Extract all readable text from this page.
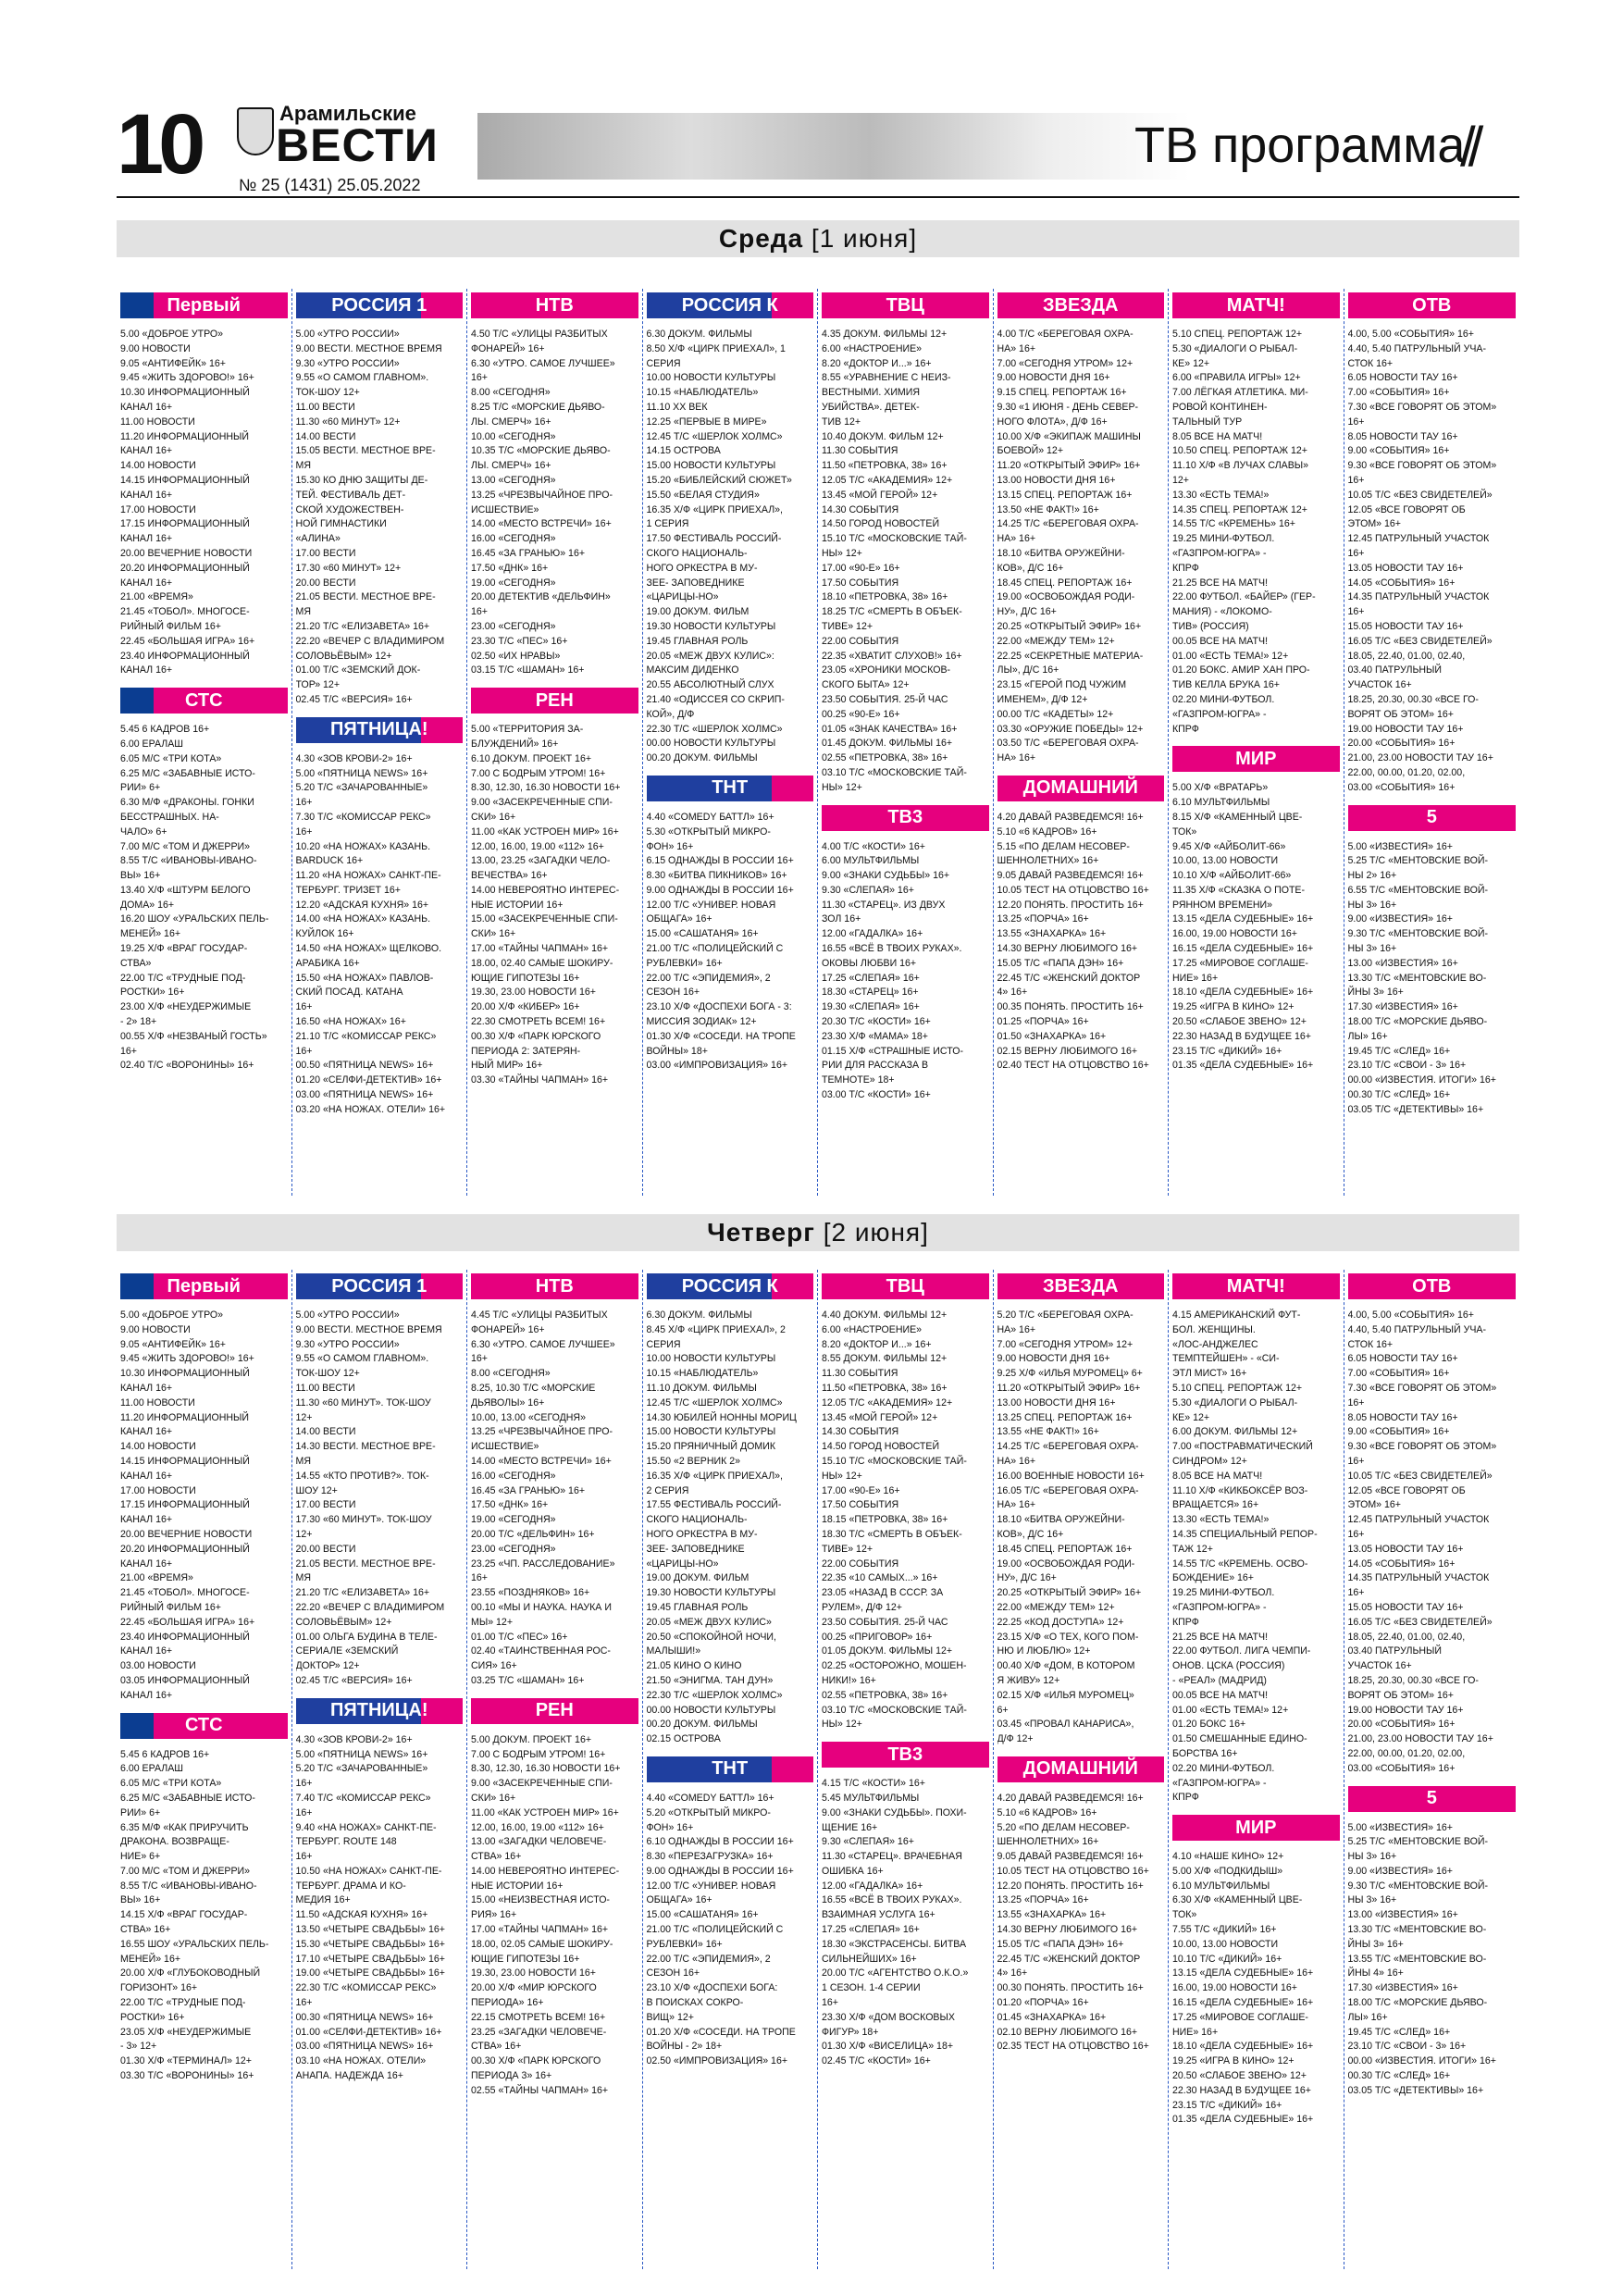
10	Арамильские
ВЕСТИ
№ 25 (1431) 25.05.2022
ТВ программа
//
Среда [1 июня]
Первый
5.00 «ДОБРОЕ УТРО»
9.00 НОВОСТИ
9.05 «АНТИФЕЙК» 16+
9.45 «ЖИТЬ ЗДОРОВО!» 16+
10.30 ИНФОРМАЦИОННЫЙ
КАНАЛ 16+
11.00 НОВОСТИ
11.20 ИНФОРМАЦИОННЫЙ
КАНАЛ 16+
14.00 НОВОСТИ
14.15 ИНФОРМАЦИОННЫЙ
КАНАЛ 16+
17.00 НОВОСТИ
17.15 ИНФОРМАЦИОННЫЙ
КАНАЛ 16+
20.00 ВЕЧЕРНИЕ НОВОСТИ
20.20 ИНФОРМАЦИОННЫЙ
КАНАЛ 16+
21.00 «ВРЕМЯ»
21.45 «ТОБОЛ». МНОГОСЕ-
РИЙНЫЙ ФИЛЬМ 16+
22.45 «БОЛЬШАЯ ИГРА» 16+
23.40 ИНФОРМАЦИОННЫЙ
КАНАЛ 16+
СТС
5.45 6 КАДРОВ 16+
6.00 ЕРАЛАШ
6.05 М/С «ТРИ КОТА»
6.25 М/С «ЗАБАВНЫЕ ИСТО-
РИИ» 6+
6.30 М/Ф «ДРАКОНЫ. ГОНКИ
БЕССТРАШНЫХ. НА-
ЧАЛО» 6+
7.00 М/С «ТОМ И ДЖЕРРИ»
8.55 Т/С «ИВАНОВЫ-ИВАНО-
ВЫ» 16+
13.40 Х/Ф «ШТУРМ БЕЛОГО
ДОМА» 16+
16.20 ШОУ «УРАЛЬСКИХ ПЕЛЬ-
МЕНЕЙ» 16+
19.25 Х/Ф «ВРАГ ГОСУДАР-
СТВА»
22.00 Т/С «ТРУДНЫЕ ПОД-
РОСТКИ» 16+
23.00 Х/Ф «НЕУДЕРЖИМЫЕ
- 2» 18+
00.55 Х/Ф «НЕЗВАНЫЙ ГОСТЬ»
16+
02.40 Т/С «ВОРОНИНЫ» 16+
РОССИЯ 1
5.00 «УТРО РОССИИ»
9.00 ВЕСТИ. МЕСТНОЕ ВРЕМЯ
9.30 «УТРО РОССИИ»
9.55 «О САМОМ ГЛАВНОМ».
ТОК-ШОУ 12+
11.00 ВЕСТИ
11.30 «60 МИНУТ» 12+
14.00 ВЕСТИ
15.05 ВЕСТИ. МЕСТНОЕ ВРЕ-
МЯ
15.30 КО ДНЮ ЗАЩИТЫ ДЕ-
ТЕЙ. ФЕСТИВАЛЬ ДЕТ-
СКОЙ ХУДОЖЕСТВЕН-
НОЙ ГИМНАСТИКИ
«АЛИНА»
17.00 ВЕСТИ
17.30 «60 МИНУТ» 12+
20.00 ВЕСТИ
21.05 ВЕСТИ. МЕСТНОЕ ВРЕ-
МЯ
21.20 Т/С «ЕЛИЗАВЕТА» 16+
22.20 «ВЕЧЕР С ВЛАДИМИРОМ
СОЛОВЬЁВЫМ» 12+
01.00 Т/С «ЗЕМСКИЙ ДОК-
ТОР» 12+
02.45 Т/С «ВЕРСИЯ» 16+
ПЯТНИЦА!
4.30 «ЗОВ КРОВИ-2» 16+
5.00 «ПЯТНИЦА NEWS» 16+
5.20 Т/С «ЗАЧАРОВАННЫЕ»
16+
7.30 Т/С «КОМИССАР РЕКС»
16+
10.20 «НА НОЖАХ» КАЗАНЬ.
BARDUCK 16+
11.20 «НА НОЖАХ» САНКТ-ПЕ-
ТЕРБУРГ. ТРИЗЕТ 16+
12.20 «АДСКАЯ КУХНЯ» 16+
14.00 «НА НОЖАХ» КАЗАНЬ.
КУЙЛОК 16+
14.50 «НА НОЖАХ» ЩЕЛКОВО.
АРАБИКА 16+
15.50 «НА НОЖАХ» ПАВЛОВ-
СКИЙ ПОСАД. КАТАНА
16+
16.50 «НА НОЖАХ» 16+
21.10 Т/С «КОМИССАР РЕКС»
16+
00.50 «ПЯТНИЦА NEWS» 16+
01.20 «СЕЛФИ-ДЕТЕКТИВ» 16+
03.00 «ПЯТНИЦА NEWS» 16+
03.20 «НА НОЖАХ. ОТЕЛИ» 16+
НТВ
4.50 Т/С «УЛИЦЫ РАЗБИТЫХ
ФОНАРЕЙ» 16+
6.30 «УТРО. САМОЕ ЛУЧШЕЕ»
16+
8.00 «СЕГОДНЯ»
8.25 Т/С «МОРСКИЕ ДЬЯВО-
ЛЫ. СМЕРЧ» 16+
10.00 «СЕГОДНЯ»
10.35 Т/С «МОРСКИЕ ДЬЯВО-
ЛЫ. СМЕРЧ» 16+
13.00 «СЕГОДНЯ»
13.25 «ЧРЕЗВЫЧАЙНОЕ ПРО-
ИСШЕСТВИЕ»
14.00 «МЕСТО ВСТРЕЧИ» 16+
16.00 «СЕГОДНЯ»
16.45 «ЗА ГРАНЬЮ» 16+
17.50 «ДНК» 16+
19.00 «СЕГОДНЯ»
20.00 ДЕТЕКТИВ «ДЕЛЬФИН»
16+
23.00 «СЕГОДНЯ»
23.30 Т/С «ПЕС» 16+
02.50 «ИХ НРАВЫ»
03.15 Т/С «ШАМАН» 16+
РЕН
5.00 «ТЕРРИТОРИЯ ЗА-
БЛУЖДЕНИЙ» 16+
6.10 ДОКУМ. ПРОЕКТ 16+
7.00 С БОДРЫМ УТРОМ! 16+
8.30, 12.30, 16.30 НОВОСТИ 16+
9.00 «ЗАСЕКРЕЧЕННЫЕ СПИ-
СКИ» 16+
11.00 «КАК УСТРОЕН МИР» 16+
12.00, 16.00, 19.00 «112» 16+
13.00, 23.25 «ЗАГАДКИ ЧЕЛО-
ВЕЧЕСТВА» 16+
14.00 НЕВЕРОЯТНО ИНТЕРЕС-
НЫЕ ИСТОРИИ 16+
15.00 «ЗАСЕКРЕЧЕННЫЕ СПИ-
СКИ» 16+
17.00 «ТАЙНЫ ЧАПМАН» 16+
18.00, 02.40 САМЫЕ ШОКИРУ-
ЮЩИЕ ГИПОТЕЗЫ 16+
19.30, 23.00 НОВОСТИ 16+
20.00 Х/Ф «КИБЕР» 16+
22.30 СМОТРЕТЬ ВСЕМ! 16+
00.30 Х/Ф «ПАРК ЮРСКОГО
ПЕРИОДА 2: ЗАТЕРЯН-
НЫЙ МИР» 16+
03.30 «ТАЙНЫ ЧАПМАН» 16+
РОССИЯ К
6.30 ДОКУМ. ФИЛЬМЫ
8.50 Х/Ф «ЦИРК ПРИЕХАЛ», 1
СЕРИЯ
10.00 НОВОСТИ КУЛЬТУРЫ
10.15 «НАБЛЮДАТЕЛЬ»
11.10 ХХ ВЕК
12.25 «ПЕРВЫЕ В МИРЕ»
12.45 Т/С «ШЕРЛОК ХОЛМС»
14.15 ОСТРОВА
15.00 НОВОСТИ КУЛЬТУРЫ
15.20 «БИБЛЕЙСКИЙ СЮЖЕТ»
15.50 «БЕЛАЯ СТУДИЯ»
16.35 Х/Ф «ЦИРК ПРИЕХАЛ»,
1 СЕРИЯ
17.50 ФЕСТИВАЛЬ РОССИЙ-
СКОГО НАЦИОНАЛЬ-
НОГО ОРКЕСТРА В МУ-
ЗЕЕ- ЗАПОВЕДНИКЕ
«ЦАРИЦЫ-НО»
19.00 ДОКУМ. ФИЛЬМ
19.30 НОВОСТИ КУЛЬТУРЫ
19.45 ГЛАВНАЯ РОЛЬ
20.05 «МЕЖ ДВУХ КУЛИС»:
МАКСИМ ДИДЕНКО
20.55 АБСОЛЮТНЫЙ СЛУХ
21.40 «ОДИССЕЯ СО СКРИП-
КОЙ», Д/Ф
22.30 Т/С «ШЕРЛОК ХОЛМС»
00.00 НОВОСТИ КУЛЬТУРЫ
00.20 ДОКУМ. ФИЛЬМЫ
ТНТ
4.40 «COMEDY БАТТЛ» 16+
5.30 «ОТКРЫТЫЙ МИКРО-
ФОН» 16+
6.15 ОДНАЖДЫ В РОССИИ 16+
8.30 «БИТВА ПИКНИКОВ» 16+
9.00 ОДНАЖДЫ В РОССИИ 16+
12.00 Т/С «УНИВЕР. НОВАЯ
ОБЩАГА» 16+
15.00 «САШАТАНЯ» 16+
21.00 Т/С «ПОЛИЦЕЙСКИЙ С
РУБЛЕВКИ» 16+
22.00 Т/С «ЭПИДЕМИЯ», 2
СЕЗОН 16+
23.10 Х/Ф «ДОСПЕХИ БОГА - 3:
МИССИЯ ЗОДИАК» 12+
01.30 Х/Ф «СОСЕДИ. НА ТРОПЕ
ВОЙНЫ» 18+
03.00 «ИМПРОВИЗАЦИЯ» 16+
ТВЦ
4.35 ДОКУМ. ФИЛЬМЫ 12+
6.00 «НАСТРОЕНИЕ»
8.20 «ДОКТОР И...» 16+
8.55 «УРАВНЕНИЕ С НЕИЗ-
ВЕСТНЫМИ. ХИМИЯ
УБИЙСТВА». ДЕТЕК-
ТИВ 12+
10.40 ДОКУМ. ФИЛЬМ 12+
11.30 СОБЫТИЯ
11.50 «ПЕТРОВКА, 38» 16+
12.05 Т/С «АКАДЕМИЯ» 12+
13.45 «МОЙ ГЕРОЙ» 12+
14.30 СОБЫТИЯ
14.50 ГОРОД НОВОСТЕЙ
15.10 Т/С «МОСКОВСКИЕ ТАЙ-
НЫ» 12+
17.00 «90-Е» 16+
17.50 СОБЫТИЯ
18.10 «ПЕТРОВКА, 38» 16+
18.25 Т/С «СМЕРТЬ В ОБЪЕК-
ТИВЕ» 12+
22.00 СОБЫТИЯ
22.35 «ХВАТИТ СЛУХОВ!» 16+
23.05 «ХРОНИКИ МОСКОВ-
СКОГО БЫТА» 12+
23.50 СОБЫТИЯ. 25-Й ЧАС
00.25 «90-Е» 16+
01.05 «ЗНАК КАЧЕСТВА» 16+
01.45 ДОКУМ. ФИЛЬМЫ 16+
02.55 «ПЕТРОВКА, 38» 16+
03.10 Т/С «МОСКОВСКИЕ ТАЙ-
НЫ» 12+
ТВ3
4.00 Т/С «КОСТИ» 16+
6.00 МУЛЬТФИЛЬМЫ
9.00 «ЗНАКИ СУДЬБЫ» 16+
9.30 «СЛЕПАЯ» 16+
11.30 «СТАРЕЦ». ИЗ ДВУХ
ЗОЛ 16+
12.00 «ГАДАЛКА» 16+
16.55 «ВСЁ В ТВОИХ РУКАХ».
ОКОВЫ ЛЮБВИ 16+
17.25 «СЛЕПАЯ» 16+
18.30 «СТАРЕЦ» 16+
19.30 «СЛЕПАЯ» 16+
20.30 Т/С «КОСТИ» 16+
23.30 Х/Ф «МАМА» 18+
01.15 Х/Ф «СТРАШНЫЕ ИСТО-
РИИ ДЛЯ РАССКАЗА В
ТЕМНОТЕ» 18+
03.00 Т/С «КОСТИ» 16+
ЗВЕЗДА
4.00 Т/С «БЕРЕГОВАЯ ОХРА-
НА» 16+
7.00 «СЕГОДНЯ УТРОМ» 12+
9.00 НОВОСТИ ДНЯ 16+
9.15 СПЕЦ. РЕПОРТАЖ 16+
9.30 «1 ИЮНЯ - ДЕНЬ СЕВЕР-
НОГО ФЛОТА», Д/Ф 16+
10.00 Х/Ф «ЭКИПАЖ МАШИНЫ
БОЕВОЙ» 12+
11.20 «ОТКРЫТЫЙ ЭФИР» 16+
13.00 НОВОСТИ ДНЯ 16+
13.15 СПЕЦ. РЕПОРТАЖ 16+
13.50 «НЕ ФАКТ!» 16+
14.25 Т/С «БЕРЕГОВАЯ ОХРА-
НА» 16+
18.10 «БИТВА ОРУЖЕЙНИ-
КОВ», Д/С 16+
18.45 СПЕЦ. РЕПОРТАЖ 16+
19.00 «ОСВОБОЖДАЯ РОДИ-
НУ», Д/С 16+
20.25 «ОТКРЫТЫЙ ЭФИР» 16+
22.00 «МЕЖДУ ТЕМ» 12+
22.25 «СЕКРЕТНЫЕ МАТЕРИА-
ЛЫ», Д/С 16+
23.15 «ГЕРОЙ ПОД ЧУЖИМ
ИМЕНЕМ», Д/Ф 12+
00.00 Т/С «КАДЕТЫ» 12+
03.30 «ОРУЖИЕ ПОБЕДЫ» 12+
03.50 Т/С «БЕРЕГОВАЯ ОХРА-
НА» 16+
ДОМАШНИЙ
4.20 ДАВАЙ РАЗВЕДЕМСЯ! 16+
5.10 «6 КАДРОВ» 16+
5.15 «ПО ДЕЛАМ НЕСОВЕР-
ШЕННОЛЕТНИХ» 16+
9.05 ДАВАЙ РАЗВЕДЕМСЯ! 16+
10.05 ТЕСТ НА ОТЦОВСТВО 16+
12.20 ПОНЯТЬ. ПРОСТИТЬ 16+
13.25 «ПОРЧА» 16+
13.55 «ЗНАХАРКА» 16+
14.30 ВЕРНУ ЛЮБИМОГО 16+
15.05 Т/С «ПАПА ДЭН» 16+
22.45 Т/С «ЖЕНСКИЙ ДОКТОР
4» 16+
00.35 ПОНЯТЬ. ПРОСТИТЬ 16+
01.25 «ПОРЧА» 16+
01.50 «ЗНАХАРКА» 16+
02.15 ВЕРНУ ЛЮБИМОГО 16+
02.40 ТЕСТ НА ОТЦОВСТВО 16+
МАТЧ!
5.10 СПЕЦ. РЕПОРТАЖ 12+
5.30 «ДИАЛОГИ О РЫБАЛ-
КЕ» 12+
6.00 «ПРАВИЛА ИГРЫ» 12+
7.00 ЛЁГКАЯ АТЛЕТИКА. МИ-
РОВОЙ КОНТИНЕН-
ТАЛЬНЫЙ ТУР
8.05 ВСЕ НА МАТЧ!
10.50 СПЕЦ. РЕПОРТАЖ 12+
11.10 Х/Ф «В ЛУЧАХ СЛАВЫ»
12+
13.30 «ЕСТЬ ТЕМА!»
14.35 СПЕЦ. РЕПОРТАЖ 12+
14.55 Т/С «КРЕМЕНЬ» 16+
19.25 МИНИ-ФУТБОЛ.
«ГАЗПРОМ-ЮГРА» -
КПРФ
21.25 ВСЕ НА МАТЧ!
22.00 ФУТБОЛ. «БАЙЕР» (ГЕР-
МАНИЯ) - «ЛОКОМО-
ТИВ» (РОССИЯ)
00.05 ВСЕ НА МАТЧ!
01.00 «ЕСТЬ ТЕМА!» 12+
01.20 БОКС. АМИР ХАН ПРО-
ТИВ КЕЛЛА БРУКА 16+
02.20 МИНИ-ФУТБОЛ.
«ГАЗПРОМ-ЮГРА» -
КПРФ
МИР
5.00 Х/Ф «ВРАТАРЬ»
6.10 МУЛЬТФИЛЬМЫ
8.15 Х/Ф «КАМЕННЫЙ ЦВЕ-
ТОК»
9.45 Х/Ф «АЙБОЛИТ-66»
10.00, 13.00 НОВОСТИ
10.10 Х/Ф «АЙБОЛИТ-66»
11.35 Х/Ф «СКАЗКА О ПОТЕ-
РЯННОМ ВРЕМЕНИ»
13.15 «ДЕЛА СУДЕБНЫЕ» 16+
16.00, 19.00 НОВОСТИ 16+
16.15 «ДЕЛА СУДЕБНЫЕ» 16+
17.25 «МИРОВОЕ СОГЛАШЕ-
НИЕ» 16+
18.10 «ДЕЛА СУДЕБНЫЕ» 16+
19.25 «ИГРА В КИНО» 12+
20.50 «СЛАБОЕ ЗВЕНО» 12+
22.30 НАЗАД В БУДУЩЕЕ 16+
23.15 Т/С «ДИКИЙ» 16+
01.35 «ДЕЛА СУДЕБНЫЕ» 16+
ОТВ
4.00, 5.00 «СОБЫТИЯ» 16+
4.40, 5.40 ПАТРУЛЬНЫЙ УЧА-
СТОК 16+
6.05 НОВОСТИ ТАУ 16+
7.00 «СОБЫТИЯ» 16+
7.30 «ВСЕ ГОВОРЯТ ОБ ЭТОМ»
16+
8.05 НОВОСТИ ТАУ 16+
9.00 «СОБЫТИЯ» 16+
9.30 «ВСЕ ГОВОРЯТ ОБ ЭТОМ»
16+
10.05 Т/С «БЕЗ СВИДЕТЕЛЕЙ»
12.05 «ВСЕ ГОВОРЯТ ОБ
ЭТОМ» 16+
12.45 ПАТРУЛЬНЫЙ УЧАСТОК
16+
13.05 НОВОСТИ ТАУ 16+
14.05 «СОБЫТИЯ» 16+
14.35 ПАТРУЛЬНЫЙ УЧАСТОК
16+
15.05 НОВОСТИ ТАУ 16+
16.05 Т/С «БЕЗ СВИДЕТЕЛЕЙ»
18.05, 22.40, 01.00, 02.40,
03.40 ПАТРУЛЬНЫЙ
УЧАСТОК 16+
18.25, 20.30, 00.30 «ВСЕ ГО-
ВОРЯТ ОБ ЭТОМ» 16+
19.00 НОВОСТИ ТАУ 16+
20.00 «СОБЫТИЯ» 16+
21.00, 23.00 НОВОСТИ ТАУ 16+
22.00, 00.00, 01.20, 02.00,
03.00 «СОБЫТИЯ» 16+
5
5.00 «ИЗВЕСТИЯ» 16+
5.25 Т/С «МЕНТОВСКИЕ ВОЙ-
НЫ 2» 16+
6.55 Т/С «МЕНТОВСКИЕ ВОЙ-
НЫ 3» 16+
9.00 «ИЗВЕСТИЯ» 16+
9.30 Т/С «МЕНТОВСКИЕ ВОЙ-
НЫ 3» 16+
13.00 «ИЗВЕСТИЯ» 16+
13.30 Т/С «МЕНТОВСКИЕ ВО-
ЙНЫ 3» 16+
17.30 «ИЗВЕСТИЯ» 16+
18.00 Т/С «МОРСКИЕ ДЬЯВО-
ЛЫ» 16+
19.45 Т/С «СЛЕД» 16+
23.10 Т/С «СВОИ - 3» 16+
00.00 «ИЗВЕСТИЯ. ИТОГИ» 16+
00.30 Т/С «СЛЕД» 16+
03.05 Т/С «ДЕТЕКТИВЫ» 16+
Четверг [2 июня]
Первый
5.00 «ДОБРОЕ УТРО»
9.00 НОВОСТИ
9.05 «АНТИФЕЙК» 16+
9.45 «ЖИТЬ ЗДОРОВО!» 16+
10.30 ИНФОРМАЦИОННЫЙ
КАНАЛ 16+
11.00 НОВОСТИ
11.20 ИНФОРМАЦИОННЫЙ
КАНАЛ 16+
14.00 НОВОСТИ
14.15 ИНФОРМАЦИОННЫЙ
КАНАЛ 16+
17.00 НОВОСТИ
17.15 ИНФОРМАЦИОННЫЙ
КАНАЛ 16+
20.00 ВЕЧЕРНИЕ НОВОСТИ
20.20 ИНФОРМАЦИОННЫЙ
КАНАЛ 16+
21.00 «ВРЕМЯ»
21.45 «ТОБОЛ». МНОГОСЕ-
РИЙНЫЙ ФИЛЬМ 16+
22.45 «БОЛЬШАЯ ИГРА» 16+
23.40 ИНФОРМАЦИОННЫЙ
КАНАЛ 16+
03.00 НОВОСТИ
03.05 ИНФОРМАЦИОННЫЙ
КАНАЛ 16+
СТС
5.45 6 КАДРОВ 16+
6.00 ЕРАЛАШ
6.05 М/С «ТРИ КОТА»
6.25 М/С «ЗАБАВНЫЕ ИСТО-
РИИ» 6+
6.35 М/Ф «КАК ПРИРУЧИТЬ
ДРАКОНА. ВОЗВРАЩЕ-
НИЕ» 6+
7.00 М/С «ТОМ И ДЖЕРРИ»
8.55 Т/С «ИВАНОВЫ-ИВАНО-
ВЫ» 16+
14.15 Х/Ф «ВРАГ ГОСУДАР-
СТВА» 16+
16.55 ШОУ «УРАЛЬСКИХ ПЕЛЬ-
МЕНЕЙ» 16+
20.00 Х/Ф «ГЛУБОКОВОДНЫЙ
ГОРИЗОНТ» 16+
22.00 Т/С «ТРУДНЫЕ ПОД-
РОСТКИ» 16+
23.05 Х/Ф «НЕУДЕРЖИМЫЕ
- 3» 12+
01.30 Х/Ф «ТЕРМИНАЛ» 12+
03.30 Т/С «ВОРОНИНЫ» 16+
РОССИЯ 1
5.00 «УТРО РОССИИ»
9.00 ВЕСТИ. МЕСТНОЕ ВРЕМЯ
9.30 «УТРО РОССИИ»
9.55 «О САМОМ ГЛАВНОМ».
ТОК-ШОУ 12+
11.00 ВЕСТИ
11.30 «60 МИНУТ». ТОК-ШОУ
12+
14.00 ВЕСТИ
14.30 ВЕСТИ. МЕСТНОЕ ВРЕ-
МЯ
14.55 «КТО ПРОТИВ?». ТОК-
ШОУ 12+
17.00 ВЕСТИ
17.30 «60 МИНУТ». ТОК-ШОУ
12+
20.00 ВЕСТИ
21.05 ВЕСТИ. МЕСТНОЕ ВРЕ-
МЯ
21.20 Т/С «ЕЛИЗАВЕТА» 16+
22.20 «ВЕЧЕР С ВЛАДИМИРОМ
СОЛОВЬЁВЫМ» 12+
01.00 ОЛЬГА БУДИНА В ТЕЛЕ-
СЕРИАЛЕ «ЗЕМСКИЙ
ДОКТОР» 12+
02.45 Т/С «ВЕРСИЯ» 16+
ПЯТНИЦА!
4.30 «ЗОВ КРОВИ-2» 16+
5.00 «ПЯТНИЦА NEWS» 16+
5.20 Т/С «ЗАЧАРОВАННЫЕ»
16+
7.40 Т/С «КОМИССАР РЕКС»
16+
9.40 «НА НОЖАХ» САНКТ-ПЕ-
ТЕРБУРГ. ROUTE 148
16+
10.50 «НА НОЖАХ» САНКТ-ПЕ-
ТЕРБУРГ. ДРАМА И КО-
МЕДИЯ 16+
11.50 «АДСКАЯ КУХНЯ» 16+
13.50 «ЧЕТЫРЕ СВАДЬБЫ» 16+
15.30 «ЧЕТЫРЕ СВАДЬБЫ» 16+
17.10 «ЧЕТЫРЕ СВАДЬБЫ» 16+
19.00 «ЧЕТЫРЕ СВАДЬБЫ» 16+
22.30 Т/С «КОМИССАР РЕКС»
16+
00.30 «ПЯТНИЦА NEWS» 16+
01.00 «СЕЛФИ-ДЕТЕКТИВ» 16+
03.00 «ПЯТНИЦА NEWS» 16+
03.10 «НА НОЖАХ. ОТЕЛИ»
АНАПА. НАДЕЖДА 16+
НТВ
4.45 Т/С «УЛИЦЫ РАЗБИТЫХ
ФОНАРЕЙ» 16+
6.30 «УТРО. САМОЕ ЛУЧШЕЕ»
16+
8.00 «СЕГОДНЯ»
8.25, 10.30 Т/С «МОРСКИЕ
ДЬЯВОЛЫ» 16+
10.00, 13.00 «СЕГОДНЯ»
13.25 «ЧРЕЗВЫЧАЙНОЕ ПРО-
ИСШЕСТВИЕ»
14.00 «МЕСТО ВСТРЕЧИ» 16+
16.00 «СЕГОДНЯ»
16.45 «ЗА ГРАНЬЮ» 16+
17.50 «ДНК» 16+
19.00 «СЕГОДНЯ»
20.00 Т/С «ДЕЛЬФИН» 16+
23.00 «СЕГОДНЯ»
23.25 «ЧП. РАССЛЕДОВАНИЕ»
16+
23.55 «ПОЗДНЯКОВ» 16+
00.10 «МЫ И НАУКА. НАУКА И
МЫ» 12+
01.00 Т/С «ПЕС» 16+
02.40 «ТАИНСТВЕННАЯ РОС-
СИЯ» 16+
03.25 Т/С «ШАМАН» 16+
РЕН
5.00 ДОКУМ. ПРОЕКТ 16+
7.00 С БОДРЫМ УТРОМ! 16+
8.30, 12.30, 16.30 НОВОСТИ 16+
9.00 «ЗАСЕКРЕЧЕННЫЕ СПИ-
СКИ» 16+
11.00 «КАК УСТРОЕН МИР» 16+
12.00, 16.00, 19.00 «112» 16+
13.00 «ЗАГАДКИ ЧЕЛОВЕЧЕ-
СТВА» 16+
14.00 НЕВЕРОЯТНО ИНТЕРЕС-
НЫЕ ИСТОРИИ 16+
15.00 «НЕИЗВЕСТНАЯ ИСТО-
РИЯ» 16+
17.00 «ТАЙНЫ ЧАПМАН» 16+
18.00, 02.05 САМЫЕ ШОКИРУ-
ЮЩИЕ ГИПОТЕЗЫ 16+
19.30, 23.00 НОВОСТИ 16+
20.00 Х/Ф «МИР ЮРСКОГО
ПЕРИОДА» 16+
22.15 СМОТРЕТЬ ВСЕМ! 16+
23.25 «ЗАГАДКИ ЧЕЛОВЕЧЕ-
СТВА» 16+
00.30 Х/Ф «ПАРК ЮРСКОГО
ПЕРИОДА 3» 16+
02.55 «ТАЙНЫ ЧАПМАН» 16+
РОССИЯ К
6.30 ДОКУМ. ФИЛЬМЫ
8.45 Х/Ф «ЦИРК ПРИЕХАЛ», 2
СЕРИЯ
10.00 НОВОСТИ КУЛЬТУРЫ
10.15 «НАБЛЮДАТЕЛЬ»
11.10 ДОКУМ. ФИЛЬМЫ
12.45 Т/С «ШЕРЛОК ХОЛМС»
14.30 ЮБИЛЕЙ НОННЫ МОРИЦ
15.00 НОВОСТИ КУЛЬТУРЫ
15.20 ПРЯНИЧНЫЙ ДОМИК
15.50 «2 ВЕРНИК 2»
16.35 Х/Ф «ЦИРК ПРИЕХАЛ»,
2 СЕРИЯ
17.55 ФЕСТИВАЛЬ РОССИЙ-
СКОГО НАЦИОНАЛЬ-
НОГО ОРКЕСТРА В МУ-
ЗЕЕ- ЗАПОВЕДНИКЕ
«ЦАРИЦЫ-НО»
19.00 ДОКУМ. ФИЛЬМ
19.30 НОВОСТИ КУЛЬТУРЫ
19.45 ГЛАВНАЯ РОЛЬ
20.05 «МЕЖ ДВУХ КУЛИС»
20.50 «СПОКОЙНОЙ НОЧИ,
МАЛЫШИ!»
21.05 КИНО О КИНО
21.50 «ЭНИГМА. ТАН ДУН»
22.30 Т/С «ШЕРЛОК ХОЛМС»
00.00 НОВОСТИ КУЛЬТУРЫ
00.20 ДОКУМ. ФИЛЬМЫ
02.15 ОСТРОВА
ТНТ
4.40 «COMEDY БАТТЛ» 16+
5.20 «ОТКРЫТЫЙ МИКРО-
ФОН» 16+
6.10 ОДНАЖДЫ В РОССИИ 16+
8.30 «ПЕРЕЗАГРУЗКА» 16+
9.00 ОДНАЖДЫ В РОССИИ 16+
12.00 Т/С «УНИВЕР. НОВАЯ
ОБЩАГА» 16+
15.00 «САШАТАНЯ» 16+
21.00 Т/С «ПОЛИЦЕЙСКИЙ С
РУБЛЕВКИ» 16+
22.00 Т/С «ЭПИДЕМИЯ», 2
СЕЗОН 16+
23.10 Х/Ф «ДОСПЕХИ БОГА:
В ПОИСКАХ СОКРО-
ВИЩ» 12+
01.20 Х/Ф «СОСЕДИ. НА ТРОПЕ
ВОЙНЫ - 2» 18+
02.50 «ИМПРОВИЗАЦИЯ» 16+
ТВЦ
4.40 ДОКУМ. ФИЛЬМЫ 12+
6.00 «НАСТРОЕНИЕ»
8.20 «ДОКТОР И...» 16+
8.55 ДОКУМ. ФИЛЬМЫ 12+
11.30 СОБЫТИЯ
11.50 «ПЕТРОВКА, 38» 16+
12.05 Т/С «АКАДЕМИЯ» 12+
13.45 «МОЙ ГЕРОЙ» 12+
14.30 СОБЫТИЯ
14.50 ГОРОД НОВОСТЕЙ
15.10 Т/С «МОСКОВСКИЕ ТАЙ-
НЫ» 12+
17.00 «90-Е» 16+
17.50 СОБЫТИЯ
18.15 «ПЕТРОВКА, 38» 16+
18.30 Т/С «СМЕРТЬ В ОБЪЕК-
ТИВЕ» 12+
22.00 СОБЫТИЯ
22.35 «10 САМЫХ...» 16+
23.05 «НАЗАД В СССР. ЗА
РУЛЕМ», Д/Ф 12+
23.50 СОБЫТИЯ. 25-Й ЧАС
00.25 «ПРИГОВОР» 16+
01.05 ДОКУМ. ФИЛЬМЫ 12+
02.25 «ОСТОРОЖНО, МОШЕН-
НИКИ!» 16+
02.55 «ПЕТРОВКА, 38» 16+
03.10 Т/С «МОСКОВСКИЕ ТАЙ-
НЫ» 12+
ТВ3
4.15 Т/С «КОСТИ» 16+
5.45 МУЛЬТФИЛЬМЫ
9.00 «ЗНАКИ СУДЬБЫ». ПОХИ-
ЩЕНИЕ 16+
9.30 «СЛЕПАЯ» 16+
11.30 «СТАРЕЦ». ВРАЧЕБНАЯ
ОШИБКА 16+
12.00 «ГАДАЛКА» 16+
16.55 «ВСЁ В ТВОИХ РУКАХ».
ВЗАИМНАЯ УСЛУГА 16+
17.25 «СЛЕПАЯ» 16+
18.30 «ЭКСТРАСЕНСЫ. БИТВА
СИЛЬНЕЙШИХ» 16+
20.00 Т/С «АГЕНТСТВО О.К.О.»
1 СЕЗОН. 1-4 СЕРИИ
16+
23.30 Х/Ф «ДОМ ВОСКОВЫХ
ФИГУР» 18+
01.30 Х/Ф «ВИСЕЛИЦА» 18+
02.45 Т/С «КОСТИ» 16+
ЗВЕЗДА
5.20 Т/С «БЕРЕГОВАЯ ОХРА-
НА» 16+
7.00 «СЕГОДНЯ УТРОМ» 12+
9.00 НОВОСТИ ДНЯ 16+
9.25 Х/Ф «ИЛЬЯ МУРОМЕЦ» 6+
11.20 «ОТКРЫТЫЙ ЭФИР» 16+
13.00 НОВОСТИ ДНЯ 16+
13.25 СПЕЦ. РЕПОРТАЖ 16+
13.55 «НЕ ФАКТ!» 16+
14.25 Т/С «БЕРЕГОВАЯ ОХРА-
НА» 16+
16.00 ВОЕННЫЕ НОВОСТИ 16+
16.05 Т/С «БЕРЕГОВАЯ ОХРА-
НА» 16+
18.10 «БИТВА ОРУЖЕЙНИ-
КОВ», Д/С 16+
18.45 СПЕЦ. РЕПОРТАЖ 16+
19.00 «ОСВОБОЖДАЯ РОДИ-
НУ», Д/С 16+
20.25 «ОТКРЫТЫЙ ЭФИР» 16+
22.00 «МЕЖДУ ТЕМ» 12+
22.25 «КОД ДОСТУПА» 12+
23.15 Х/Ф «О ТЕХ, КОГО ПОМ-
НЮ И ЛЮБЛЮ» 12+
00.40 Х/Ф «ДОМ, В КОТОРОМ
Я ЖИВУ» 12+
02.15 Х/Ф «ИЛЬЯ МУРОМЕЦ»
6+
03.45 «ПРОВАЛ КАНАРИСА»,
Д/Ф 12+
ДОМАШНИЙ
4.20 ДАВАЙ РАЗВЕДЕМСЯ! 16+
5.10 «6 КАДРОВ» 16+
5.20 «ПО ДЕЛАМ НЕСОВЕР-
ШЕННОЛЕТНИХ» 16+
9.05 ДАВАЙ РАЗВЕДЕМСЯ! 16+
10.05 ТЕСТ НА ОТЦОВСТВО 16+
12.20 ПОНЯТЬ. ПРОСТИТЬ 16+
13.25 «ПОРЧА» 16+
13.55 «ЗНАХАРКА» 16+
14.30 ВЕРНУ ЛЮБИМОГО 16+
15.05 Т/С «ПАПА ДЭН» 16+
22.45 Т/С «ЖЕНСКИЙ ДОКТОР
4» 16+
00.30 ПОНЯТЬ. ПРОСТИТЬ 16+
01.20 «ПОРЧА» 16+
01.45 «ЗНАХАРКА» 16+
02.10 ВЕРНУ ЛЮБИМОГО 16+
02.35 ТЕСТ НА ОТЦОВСТВО 16+
МАТЧ!
4.15 АМЕРИКАНСКИЙ ФУТ-
БОЛ. ЖЕНЩИНЫ.
«ЛОС-АНДЖЕЛЕС
ТЕМПТЕЙШЕН» - «СИ-
ЭТЛ МИСТ» 16+
5.10 СПЕЦ. РЕПОРТАЖ 12+
5.30 «ДИАЛОГИ О РЫБАЛ-
КЕ» 12+
6.00 ДОКУМ. ФИЛЬМЫ 12+
7.00 «ПОСТРАВМАТИЧЕСКИЙ
СИНДРОМ» 12+
8.05 ВСЕ НА МАТЧ!
11.10 Х/Ф «КИКБОКСЁР ВОЗ-
ВРАЩАЕТСЯ» 16+
13.30 «ЕСТЬ ТЕМА!»
14.35 СПЕЦИАЛЬНЫЙ РЕПОР-
ТАЖ 12+
14.55 Т/С «КРЕМЕНЬ. ОСВО-
БОЖДЕНИЕ» 16+
19.25 МИНИ-ФУТБОЛ.
«ГАЗПРОМ-ЮГРА» -
КПРФ
21.25 ВСЕ НА МАТЧ!
22.00 ФУТБОЛ. ЛИГА ЧЕМПИ-
ОНОВ. ЦСКА (РОССИЯ)
- «РЕАЛ» (МАДРИД)
00.05 ВСЕ НА МАТЧ!
01.00 «ЕСТЬ ТЕМА!» 12+
01.20 БОКС 16+
01.50 СМЕШАННЫЕ ЕДИНО-
БОРСТВА 16+
02.20 МИНИ-ФУТБОЛ.
«ГАЗПРОМ-ЮГРА» -
КПРФ
МИР
4.10 «НАШЕ КИНО» 12+
5.00 Х/Ф «ПОДКИДЫШ»
6.10 МУЛЬТФИЛЬМЫ
6.30 Х/Ф «КАМЕННЫЙ ЦВЕ-
ТОК»
7.55 Т/С «ДИКИЙ» 16+
10.00, 13.00 НОВОСТИ
10.10 Т/С «ДИКИЙ» 16+
13.15 «ДЕЛА СУДЕБНЫЕ» 16+
16.00, 19.00 НОВОСТИ 16+
16.15 «ДЕЛА СУДЕБНЫЕ» 16+
17.25 «МИРОВОЕ СОГЛАШЕ-
НИЕ» 16+
18.10 «ДЕЛА СУДЕБНЫЕ» 16+
19.25 «ИГРА В КИНО» 12+
20.50 «СЛАБОЕ ЗВЕНО» 12+
22.30 НАЗАД В БУДУЩЕЕ 16+
23.15 Т/С «ДИКИЙ» 16+
01.35 «ДЕЛА СУДЕБНЫЕ» 16+
ОТВ
4.00, 5.00 «СОБЫТИЯ» 16+
4.40, 5.40 ПАТРУЛЬНЫЙ УЧА-
СТОК 16+
6.05 НОВОСТИ ТАУ 16+
7.00 «СОБЫТИЯ» 16+
7.30 «ВСЕ ГОВОРЯТ ОБ ЭТОМ»
16+
8.05 НОВОСТИ ТАУ 16+
9.00 «СОБЫТИЯ» 16+
9.30 «ВСЕ ГОВОРЯТ ОБ ЭТОМ»
16+
10.05 Т/С «БЕЗ СВИДЕТЕЛЕЙ»
12.05 «ВСЕ ГОВОРЯТ ОБ
ЭТОМ» 16+
12.45 ПАТРУЛЬНЫЙ УЧАСТОК
16+
13.05 НОВОСТИ ТАУ 16+
14.05 «СОБЫТИЯ» 16+
14.35 ПАТРУЛЬНЫЙ УЧАСТОК
16+
15.05 НОВОСТИ ТАУ 16+
16.05 Т/С «БЕЗ СВИДЕТЕЛЕЙ»
18.05, 22.40, 01.00, 02.40,
03.40 ПАТРУЛЬНЫЙ
УЧАСТОК 16+
18.25, 20.30, 00.30 «ВСЕ ГО-
ВОРЯТ ОБ ЭТОМ» 16+
19.00 НОВОСТИ ТАУ 16+
20.00 «СОБЫТИЯ» 16+
21.00, 23.00 НОВОСТИ ТАУ 16+
22.00, 00.00, 01.20, 02.00,
03.00 «СОБЫТИЯ» 16+
5
5.00 «ИЗВЕСТИЯ» 16+
5.25 Т/С «МЕНТОВСКИЕ ВОЙ-
НЫ 3» 16+
9.00 «ИЗВЕСТИЯ» 16+
9.30 Т/С «МЕНТОВСКИЕ ВОЙ-
НЫ 3» 16+
13.00 «ИЗВЕСТИЯ» 16+
13.30 Т/С «МЕНТОВСКИЕ ВО-
ЙНЫ 3» 16+
13.55 Т/С «МЕНТОВСКИЕ ВО-
ЙНЫ 4» 16+
17.30 «ИЗВЕСТИЯ» 16+
18.00 Т/С «МОРСКИЕ ДЬЯВО-
ЛЫ» 16+
19.45 Т/С «СЛЕД» 16+
23.10 Т/С «СВОИ - 3» 16+
00.00 «ИЗВЕСТИЯ. ИТОГИ» 16+
00.30 Т/С «СЛЕД» 16+
03.05 Т/С «ДЕТЕКТИВЫ» 16+
